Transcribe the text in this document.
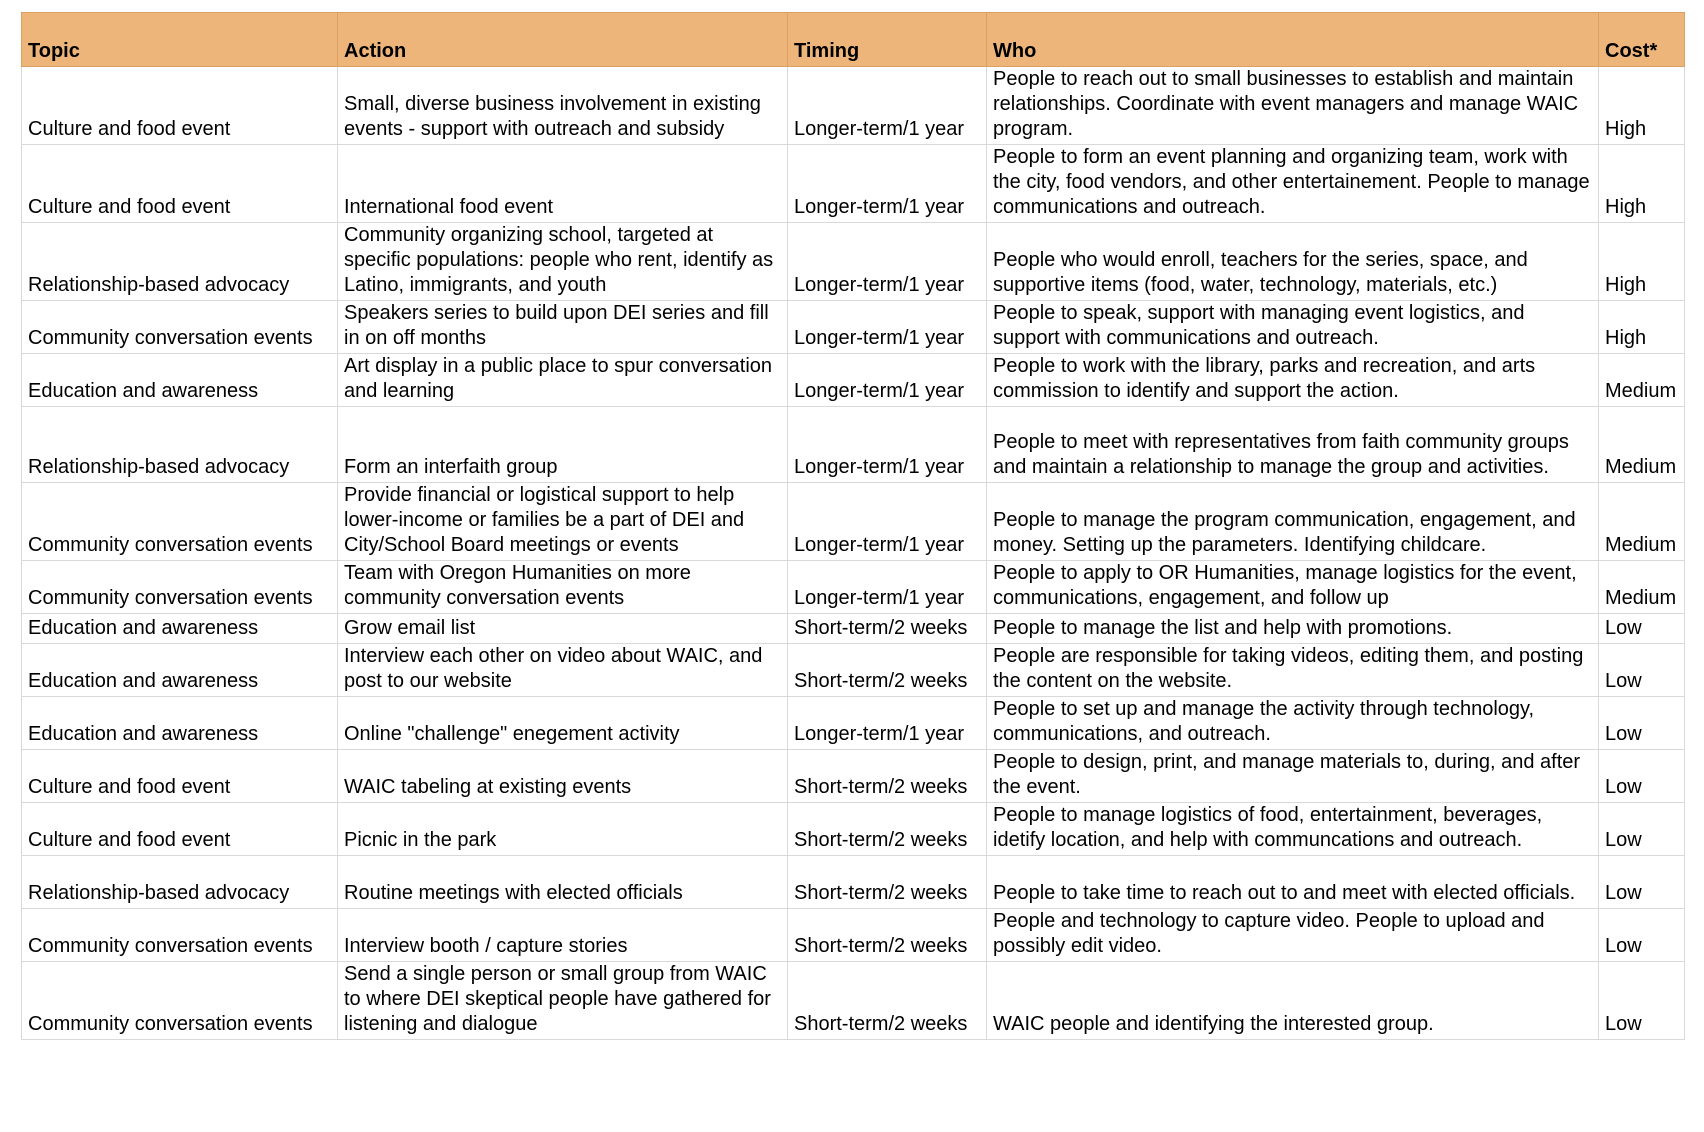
Topic	Action	Timing	Who	Cost*
Culture and food event	Small, diverse business involvement in existing events - support with outreach and subsidy	Longer-term/1 year	People to reach out to small businesses to establish and maintain relationships. Coordinate with event managers and manage WAIC program.	High
Culture and food event	International food event	Longer-term/1 year	People to form an event planning and organizing team, work with the city, food vendors, and other entertainement. People to manage communications and outreach.	High
Relationship-based advocacy	Community organizing school, targeted at specific populations: people who rent, identify as Latino, immigrants, and youth	Longer-term/1 year	People who would enroll, teachers for the series, space, and supportive items (food, water, technology, materials, etc.)	High
Community conversation events	Speakers series to build upon DEI series and fill in on off months	Longer-term/1 year	People to speak, support with managing event logistics, and support with communications and outreach.	High
Education and awareness	Art display in a public place to spur conversation and learning	Longer-term/1 year	People to work with the library, parks and recreation, and arts commission to identify and support the action.	Medium
Relationship-based advocacy	Form an interfaith group	Longer-term/1 year	People to meet with representatives from faith community groups and maintain a relationship to manage the group and activities.	Medium
Community conversation events	Provide financial or logistical support to help lower-income or families be a part of DEI and City/School Board meetings or events	Longer-term/1 year	People to manage the program communication, engagement, and money. Setting up the parameters. Identifying childcare.	Medium
Community conversation events	Team with Oregon Humanities on more community conversation events	Longer-term/1 year	People to apply to OR Humanities, manage logistics for the event, communications, engagement, and follow up	Medium
Education and awareness	Grow email list	Short-term/2 weeks	People to manage the list and help with promotions.	Low
Education and awareness	Interview each other on video about WAIC, and post to our website	Short-term/2 weeks	People are responsible for taking videos, editing them, and posting the content on the website.	Low
Education and awareness	Online "challenge" enegement activity	Longer-term/1 year	People to set up and manage the activity through technology, communications, and outreach.	Low
Culture and food event	WAIC tabeling at existing events	Short-term/2 weeks	People to design, print, and manage materials to, during, and after the event.	Low
Culture and food event	Picnic in the park	Short-term/2 weeks	People to manage logistics of food, entertainment, beverages, idetify location, and help with communcations and outreach.	Low
Relationship-based advocacy	Routine meetings with elected officials	Short-term/2 weeks	People to take time to reach out to and meet with elected officials.	Low
Community conversation events	Interview booth / capture stories	Short-term/2 weeks	People and technology to capture video. People to upload and possibly edit video.	Low
Community conversation events	Send a single person or small group from WAIC to where DEI skeptical people have gathered for listening and dialogue	Short-term/2 weeks	WAIC people and identifying the interested group.	Low
